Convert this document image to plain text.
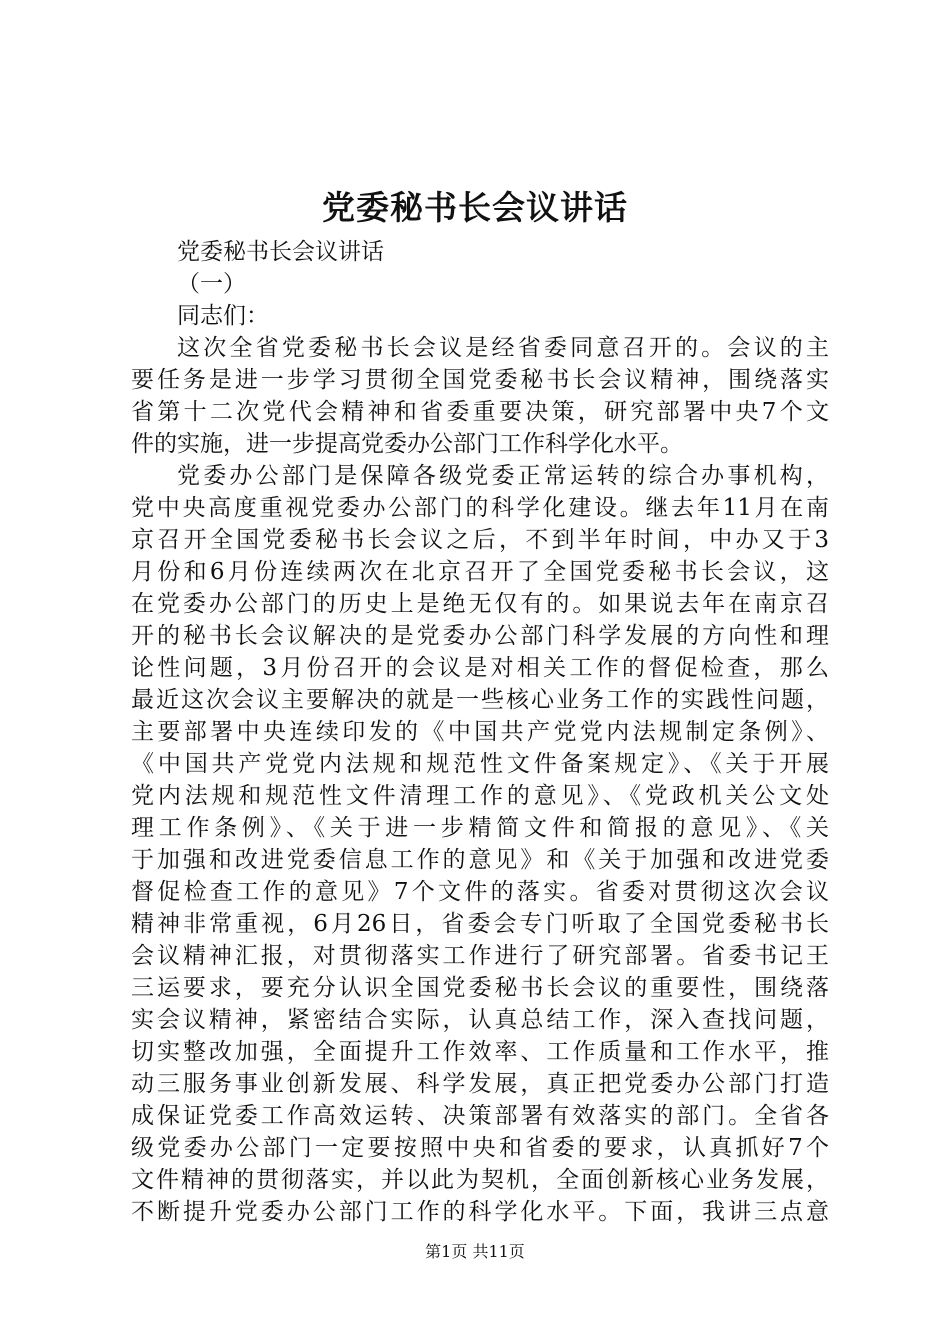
党委秘书长会议讲话
党委秘书长会议讲话
（一）
同志们：
这次全省党委秘书长会议是经省委同意召开的。会议的主
要任务是进一步学习贯彻全国党委秘书长会议精神，围绕落实
省第十二次党代会精神和省委重要决策，研究部署中央7个文
件的实施，进一步提高党委办公部门工作科学化水平。
党委办公部门是保障各级党委正常运转的综合办事机构，
党中央高度重视党委办公部门的科学化建设。继去年11月在南
京召开全国党委秘书长会议之后，不到半年时间，中办又于3
月份和6月份连续两次在北京召开了全国党委秘书长会议，这
在党委办公部门的历史上是绝无仅有的。如果说去年在南京召
开的秘书长会议解决的是党委办公部门科学发展的方向性和理
论性问题，3月份召开的会议是对相关工作的督促检查，那么
最近这次会议主要解决的就是一些核心业务工作的实践性问题，
主要部署中央连续印发的《中国共产党党内法规制定条例》、
《中国共产党党内法规和规范性文件备案规定》、《关于开展
党内法规和规范性文件清理工作的意见》、《党政机关公文处
理工作条例》、《关于进一步精简文件和简报的意见》、《关
于加强和改进党委信息工作的意见》和《关于加强和改进党委
督促检查工作的意见》7个文件的落实。省委对贯彻这次会议
精神非常重视，6月26日，省委会专门听取了全国党委秘书长
会议精神汇报，对贯彻落实工作进行了研究部署。省委书记王
三运要求，要充分认识全国党委秘书长会议的重要性，围绕落
实会议精神，紧密结合实际，认真总结工作，深入查找问题，
切实整改加强，全面提升工作效率、工作质量和工作水平，推
动三服务事业创新发展、科学发展，真正把党委办公部门打造
成保证党委工作高效运转、决策部署有效落实的部门。全省各
级党委办公部门一定要按照中央和省委的要求，认真抓好7个
文件精神的贯彻落实，并以此为契机，全面创新核心业务发展，
不断提升党委办公部门工作的科学化水平。下面，我讲三点意
第1页 共11页
